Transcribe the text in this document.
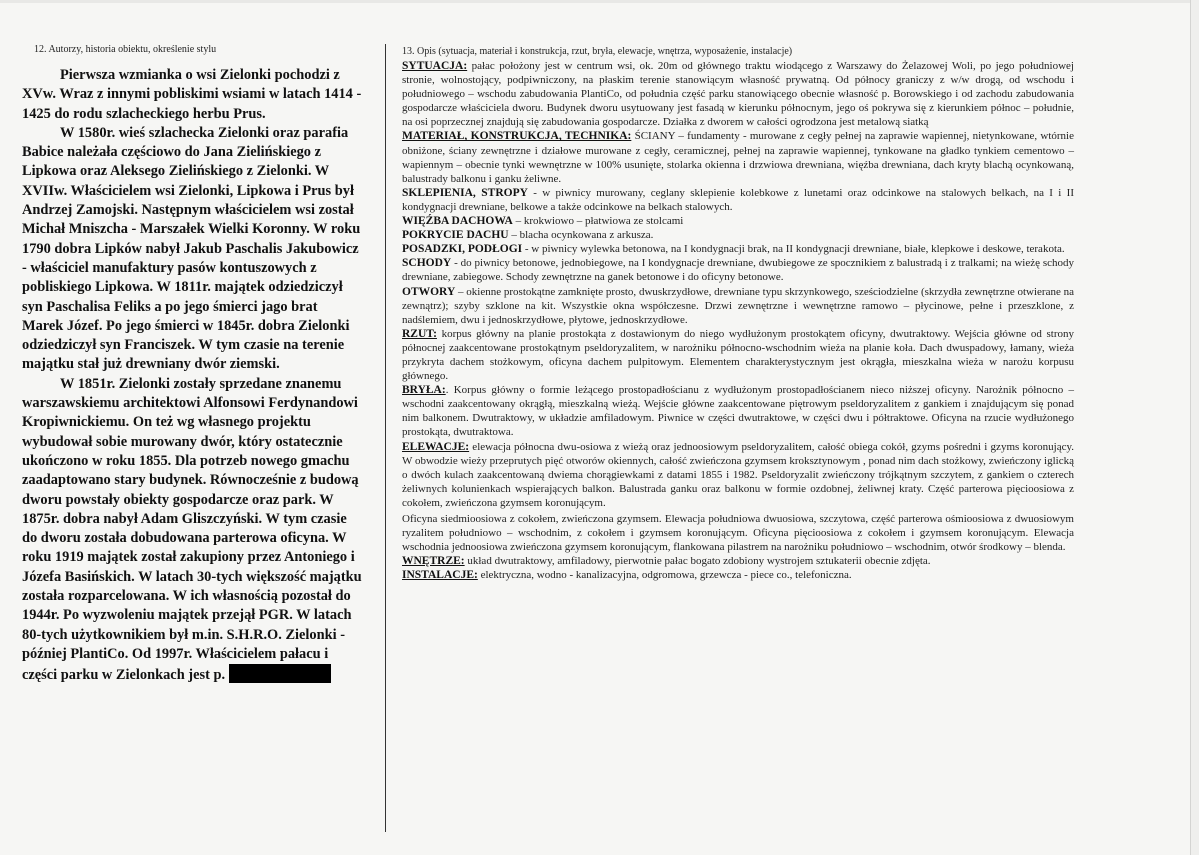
12. Autorzy, historia obiektu, określenie stylu

Pierwsza wzmianka o wsi Zielonki pochodzi z XVw. Wraz z innymi pobliskimi wsiami w latach 1414 - 1425 do rodu szlacheckiego herbu Prus.

W 1580r. wieś szlachecka Zielonki oraz parafia Babice należała częściowo do Jana Zielińskiego z Lipkowa oraz Aleksego Zielińskiego z Zielonki. W XVIIw. Właścicielem wsi Zielonki, Lipkowa i Prus był Andrzej Zamojski. Następnym właścicielem wsi został Michał Mniszcha - Marszałek Wielki Koronny. W roku 1790 dobra Lipków nabył Jakub Paschalis Jakubowicz - właściciel manufaktury pasów kontuszowych z pobliskiego Lipkowa. W 1811r. majątek odziedziczył syn Paschalisa Feliks a po jego śmierci jago brat Marek Józef. Po jego śmierci w 1845r. dobra Zielonki odziedziczył syn Franciszek. W tym czasie na terenie majątku stał już drewniany dwór ziemski.

W 1851r. Zielonki zostały sprzedane znanemu warszawskiemu architektowi Alfonsowi Ferdynandowi Kropiwnickiemu. On też wg własnego projektu wybudował sobie murowany dwór, który ostatecznie ukończono w roku 1855. Dla potrzeb nowego gmachu zaadaptowano stary budynek. Równocześnie z budową dworu powstały obiekty gospodarcze oraz park. W 1875r. dobra nabył Adam Gliszczyński. W tym czasie do dworu została dobudowana parterowa oficyna. W roku 1919 majątek został zakupiony przez Antoniego i Józefa Basińskich. W latach 30-tych większość majątku została rozparcelowana. W ich własnością pozostał do 1944r. Po wyzwoleniu majątek przejął PGR. W latach 80-tych użytkownikiem był m.in. S.H.R.O. Zielonki - później PlantiCo. Od 1997r. Właścicielem pałacu i części parku w Zielonkach jest p.

13. Opis (sytuacja, materiał i konstrukcja, rzut, bryła, elewacje, wnętrza, wyposażenie, instalacje)

SYTUACJA: pałac położony jest w centrum wsi, ok. 20m od głównego traktu wiodącego z Warszawy do Żelazowej Woli, po jego południowej stronie, wolnostojący, podpiwniczony, na płaskim terenie stanowiącym własność prywatną. Od północy graniczy z w/w drogą, od wschodu i południowego – wschodu zabudowania PlantiCo, od południa część parku stanowiącego obecnie własność p. Borowskiego i od zachodu zabudowania gospodarcze właściciela dworu. Budynek dworu usytuowany jest fasadą w kierunku północnym, jego oś pokrywa się z kierunkiem północ – południe, na osi poprzecznej znajdują się zabudowania gospodarcze. Działka z dworem w całości ogrodzona jest metalową siatką

MATERIAŁ, KONSTRUKCJA, TECHNIKA: ŚCIANY – fundamenty - murowane z cegły pełnej na zaprawie wapiennej, nietynkowane, wtórnie obniżone, ściany zewnętrzne i działowe murowane z cegły, ceramicznej, pełnej na zaprawie wapiennej, tynkowane na gładko tynkiem cementowo – wapiennym – obecnie tynki wewnętrzne w 100% usunięte, stolarka okienna i drzwiowa drewniana, więźba drewniana, dach kryty blachą ocynkowaną, balustrady balkonu i ganku żeliwne.

SKLEPIENIA, STROPY - w piwnicy murowany, ceglany sklepienie kolebkowe z lunetami oraz odcinkowe na stalowych belkach, na I i II kondygnacji drewniane, belkowe a także odcinkowe na belkach stalowych.

WIĘŹBA DACHOWA – krokwiowo – płatwiowa ze stolcami

POKRYCIE DACHU – blacha ocynkowana z arkusza.

POSADZKI, PODŁOGI - w piwnicy wylewka betonowa, na I kondygnacji brak, na II kondygnacji drewniane, białe, klepkowe i deskowe, terakota.

SCHODY - do piwnicy betonowe, jednobiegowe, na I kondygnacje drewniane, dwubiegowe ze spocznikiem z balustradą i z tralkami; na wieżę schody drewniane, zabiegowe. Schody zewnętrzne na ganek betonowe i do oficyny betonowe.

OTWORY – okienne prostokątne zamknięte prosto, dwuskrzydłowe, drewniane typu skrzynkowego, sześciodzielne (skrzydła zewnętrzne otwierane na zewnątrz); szyby szklone na kit. Wszystkie okna współczesne. Drzwi zewnętrzne i wewnętrzne ramowo – płycinowe, pełne i przeszklone, z nadślemiem, dwu i jednoskrzydłowe, płytowe, jednoskrzydłowe.

RZUT: korpus główny na planie prostokąta z dostawionym do niego wydłużonym prostokątem oficyny, dwutraktowy. Wejścia główne od strony północnej zaakcentowane prostokątnym pseldoryzalitem, w narożniku północno-wschodnim wieża na planie koła. Dach dwuspadowy, łamany, wieża przykryta dachem stożkowym, oficyna dachem pulpitowym. Elementem charakterystycznym jest okrągła, mieszkalna wieża w narożu korpusu głównego.

BRYŁA:. Korpus główny o formie leżącego prostopadłościanu z wydłużonym prostopadłościanem nieco niższej oficyny. Narożnik północno – wschodni zaakcentowany okrągłą, mieszkalną wieżą. Wejście główne zaakcentowane piętrowym pseldoryzalitem z gankiem i znajdującym się ponad nim balkonem. Dwutraktowy, w układzie amfiladowym. Piwnice w części dwutraktowe, w części dwu i półtraktowe. Oficyna na rzucie wydłużonego prostokąta, dwutraktowa.

ELEWACJE: elewacja północna dwu-osiowa z wieżą oraz jednoosiowym pseldoryzalitem, całość obiega cokół, gzyms pośredni i gzyms koronujący. W obwodzie wieży przeprutych pięć otworów okiennych, całość zwieńczona gzymsem kroksztynowym , ponad nim dach stożkowy, zwieńczony iglicką o dwóch kulach zaakcentowaną dwiema chorągiewkami z datami 1855 i 1982. Pseldoryzalit zwieńczony trójkątnym szczytem, z gankiem o czterech żeliwnych kolunienkach wspierających balkon. Balustrada ganku oraz balkonu w formie ozdobnej, żeliwnej kraty. Część parterowa pięcioosiowa z cokołem, zwieńczona gzymsem koronującym.

Oficyna siedmioosiowa z cokołem, zwieńczona gzymsem. Elewacja południowa dwuosiowa, szczytowa, część parterowa ośmioosiowa z dwuosiowym ryzalitem południowo – wschodnim, z cokołem i gzymsem koronującym. Oficyna pięcioosiowa z cokołem i gzymsem koronującym. Elewacja wschodnia jednoosiowa zwieńczona gzymsem koronującym, flankowana pilastrem na narożniku południowo – wschodnim, otwór środkowy – blenda.

WNĘTRZE: układ dwutraktowy, amfiladowy, pierwotnie pałac bogato zdobiony wystrojem sztukaterii obecnie zdjęta.

INSTALACJE: elektryczna, wodno - kanalizacyjna, odgromowa, grzewcza - piece co., telefoniczna.
